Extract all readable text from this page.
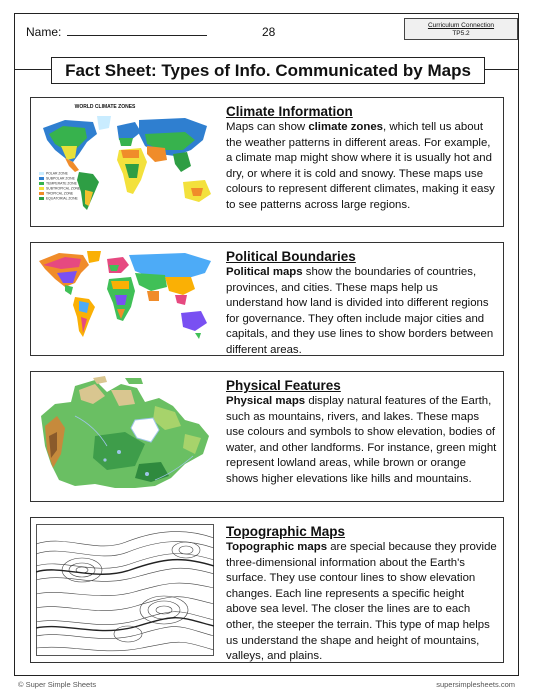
Name:	28	Curriculum Connection
TP5.2
Fact Sheet: Types of Info. Communicated by Maps
WORLD CLIMATE ZONES
POLAR ZONE
SUBPOLAR ZONE
TEMPERATE ZONE
SUBTROPICAL ZONE
TROPICAL ZONE
EQUATORIAL ZONE
Climate Information

Maps can show climate zones, which tell us about the weather patterns in different areas. For example, a climate map might show where it is usually hot and dry, or where it is cold and snowy. These maps use colours to represent different climates, making it easy to see patterns across large regions.

Political Boundaries

Political maps show the boundaries of countries, provinces, and cities. These maps help us understand how land is divided into different regions for governance. They often include major cities and capitals, and they use lines to show borders between different areas.

Physical Features

Physical maps display natural features of the Earth, such as mountains, rivers, and lakes. These maps use colours and symbols to show elevation, bodies of water, and other landforms. For instance, green might represent lowland areas, while brown or orange shows higher elevations like hills and mountains.

Topographic Maps

Topographic maps are special because they provide three-dimensional information about the Earth's surface. They use contour lines to show elevation changes. Each line represents a specific height above sea level. The closer the lines are to each other, the steeper the terrain. This type of map helps us understand the shape and height of mountains, valleys, and plains.

© Super Simple Sheets	supersimplesheets.com
